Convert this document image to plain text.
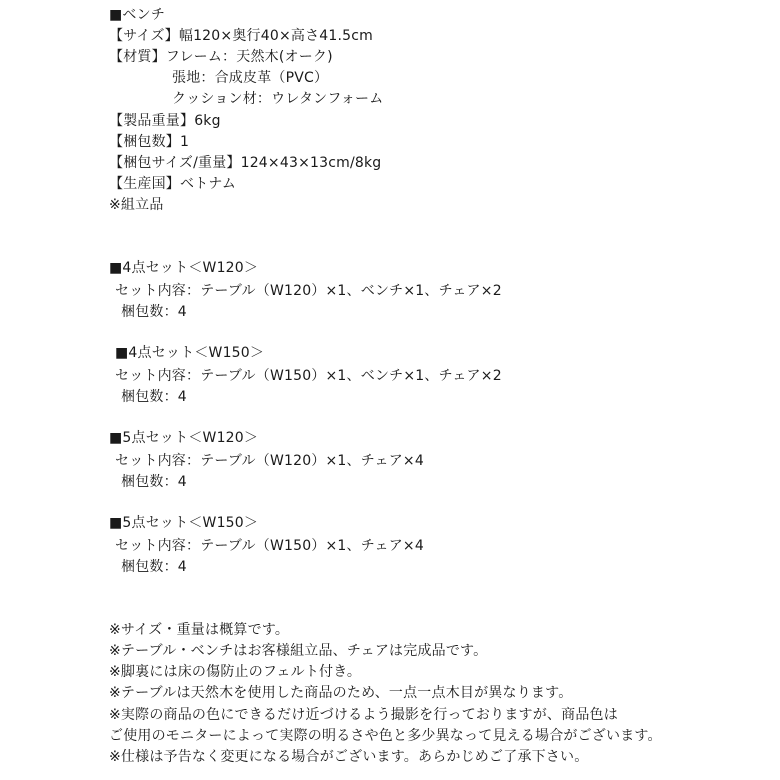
■ベンチ
【サイズ】幅120×奥行40×高さ41.5cm
【材質】フレーム：天然木(オーク)
張地：合成皮革（PVC）
クッション材：ウレタンフォーム
【製品重量】6kg
【梱包数】1
【梱包サイズ/重量】124×43×13cm/8kg
【生産国】ベトナム
※組立品
■4点セット＜W120＞
セット内容：テーブル（W120）×1、ベンチ×1、チェア×2
梱包数：4
■4点セット＜W150＞
セット内容：テーブル（W150）×1、ベンチ×1、チェア×2
梱包数：4
■5点セット＜W120＞
セット内容：テーブル（W120）×1、チェア×4
梱包数：4
■5点セット＜W150＞
セット内容：テーブル（W150）×1、チェア×4
梱包数：4
※サイズ・重量は概算です。
※テーブル・ベンチはお客様組立品、チェアは完成品です。
※脚裏には床の傷防止のフェルト付き。
※テーブルは天然木を使用した商品のため、一点一点木目が異なります。
※実際の商品の色にできるだけ近づけるよう撮影を行っておりますが、商品色は
ご使用のモニターによって実際の明るさや色と多少異なって見える場合がございます。
※仕様は予告なく変更になる場合がございます。あらかじめご了承下さい。
